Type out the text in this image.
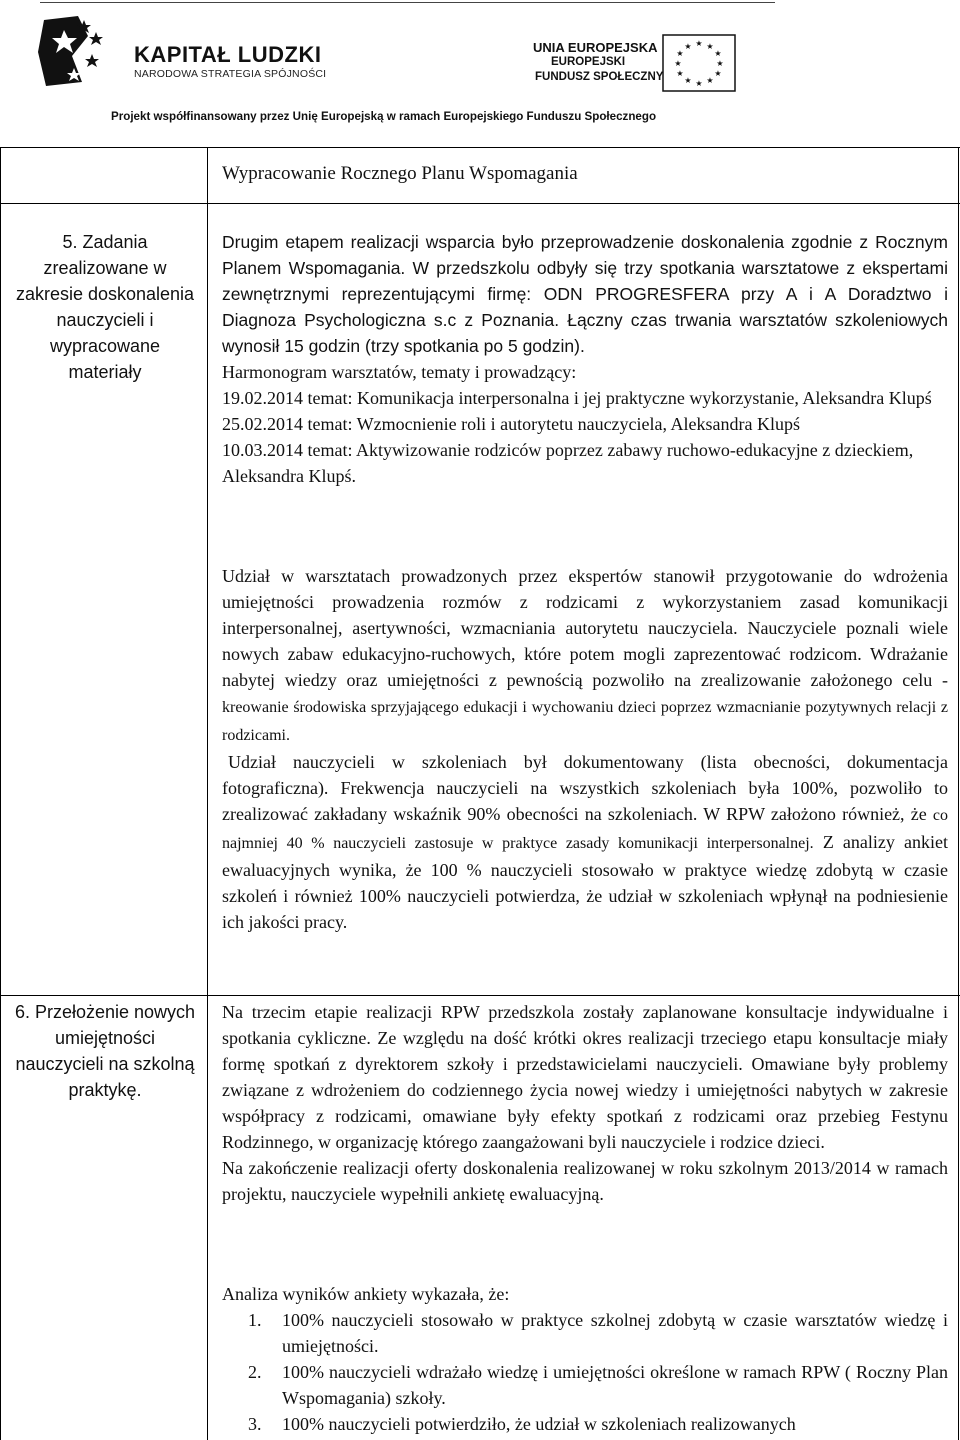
KAPITAŁ LUDZKI
NARODOWA STRATEGIA SPÓJNOŚCI
UNIA EUROPEJSKA
EUROPEJSKI
FUNDUSZ SPOŁECZNY
★ ★
★
★
★
★
★
★
★
★
★
★
Projekt współfinansowany przez Unię Europejską w ramach Europejskiego Funduszu Społecznego
Wypracowanie Rocznego Planu Wspomagania
5. Zadania zrealizowane w zakresie doskonalenia nauczycieli i wypracowane materiały

Drugim etapem realizacji wsparcia było przeprowadzenie doskonalenia zgodnie z Rocznym Planem Wspomagania. W przedszkolu odbyły się trzy spotkania warsztatowe z ekspertami zewnętrznymi reprezentującymi firmę: ODN PROGRESFERA przy A i A Doradztwo i Diagnoza Psychologiczna s.c z Poznania. Łączny czas trwania warsztatów szkoleniowych wynosił 15 godzin (trzy spotkania po 5 godzin).

Harmonogram warsztatów, tematy i prowadzący:

19.02.2014 temat: Komunikacja interpersonalna i jej praktyczne wykorzystanie, Aleksandra Klupś

25.02.2014 temat: Wzmocnienie roli i autorytetu nauczyciela, Aleksandra Klupś

10.03.2014 temat: Aktywizowanie rodziców poprzez zabawy ruchowo-edukacyjne z dzieckiem, Aleksandra Klupś.

Udział w warsztatach prowadzonych przez ekspertów stanowił przygotowanie do wdrożenia umiejętności prowadzenia rozmów z rodzicami z wykorzystaniem zasad komunikacji interpersonalnej, asertywności, wzmacniania autorytetu nauczyciela. Nauczyciele poznali wiele nowych zabaw edukacyjno-ruchowych, które potem mogli zaprezentować rodzicom. Wdrażanie nabytej wiedzy oraz umiejętności z pewnością pozwoliło na zrealizowanie założonego celu - kreowanie środowiska sprzyjającego edukacji i wychowaniu dzieci poprzez wzmacnianie pozytywnych relacji z rodzicami.

Udział nauczycieli w szkoleniach był dokumentowany (lista obecności, dokumentacja fotograficzna). Frekwencja nauczycieli na wszystkich szkoleniach była 100%, pozwoliło to zrealizować zakładany wskaźnik 90% obecności na szkoleniach. W RPW założono również, że co najmniej 40 % nauczycieli zastosuje w praktyce zasady komunikacji interpersonalnej. Z analizy ankiet ewaluacyjnych wynika, że 100 % nauczycieli stosowało w praktyce wiedzę zdobytą w czasie szkoleń i również 100% nauczycieli potwierdza, że udział w szkoleniach wpłynął na podniesienie ich jakości pracy.

6. Przełożenie nowych umiejętności nauczycieli na szkolną praktykę.

Na trzecim etapie realizacji RPW przedszkola zostały zaplanowane konsultacje indywidualne i spotkania cykliczne. Ze względu na dość krótki okres realizacji trzeciego etapu konsultacje miały formę spotkań z dyrektorem szkoły i przedstawicielami nauczycieli. Omawiane były problemy związane z wdrożeniem do codziennego życia nowej wiedzy i umiejętności nabytych w zakresie współpracy z rodzicami, omawiane były efekty spotkań z rodzicami oraz przebieg Festynu Rodzinnego, w organizację którego zaangażowani byli nauczyciele i rodzice dzieci.

Na zakończenie realizacji oferty doskonalenia realizowanej w roku szkolnym 2013/2014 w ramach projektu, nauczyciele wypełnili ankietę ewaluacyjną.

Analiza wyników ankiety wykazała, że:

1. 100% nauczycieli stosowało w praktyce szkolnej zdobytą w czasie warsztatów wiedzę i umiejętności.
2. 100% nauczycieli wdrażało wiedzę i umiejętności określone w ramach RPW ( Roczny Plan Wspomagania) szkoły.
3. 100% nauczycieli potwierdziło, że udział w szkoleniach realizowanych
